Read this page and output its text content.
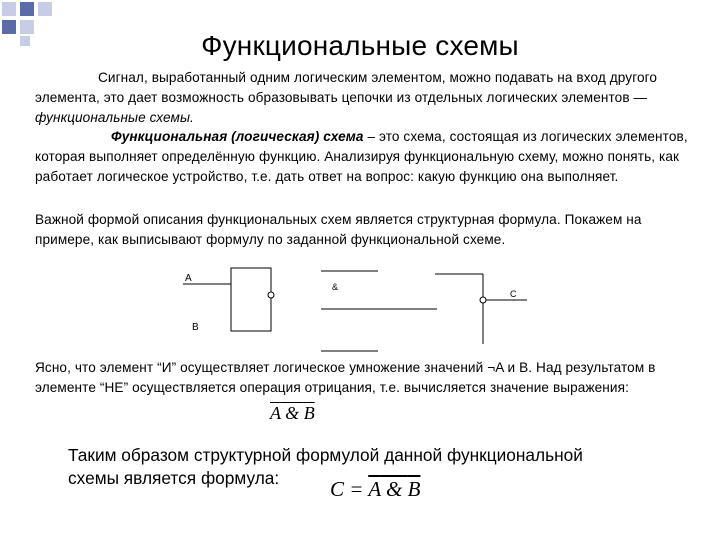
Функциональные схемы

Сигнал, выработанный одним логическим элементом, можно подавать на вход другого элемента, это дает возможность образовывать цепочки из отдельных логических элементов — функциональные схемы.

Функциональная (логическая) схема – это схема, состоящая из логических элементов, которая выполняет определённую функцию. Анализируя функциональную схему, можно понять, как работает логическое устройство, т.е. дать ответ на вопрос: какую функцию она выполняет.

Важной формой описания функциональных схем является структурная формула. Покажем на примере, как выписывают формулу по заданной функциональной схеме.

A
B
&
C

Ясно, что элемент “И” осуществляет логическое умножение значений ¬A и B. Над результатом в элементе “НЕ” осуществляется операция отрицания, т.е. вычисляется значение выражения:

A & B
Таким образом структурной формулой данной функциональной схемы является формула:	C = A & B
